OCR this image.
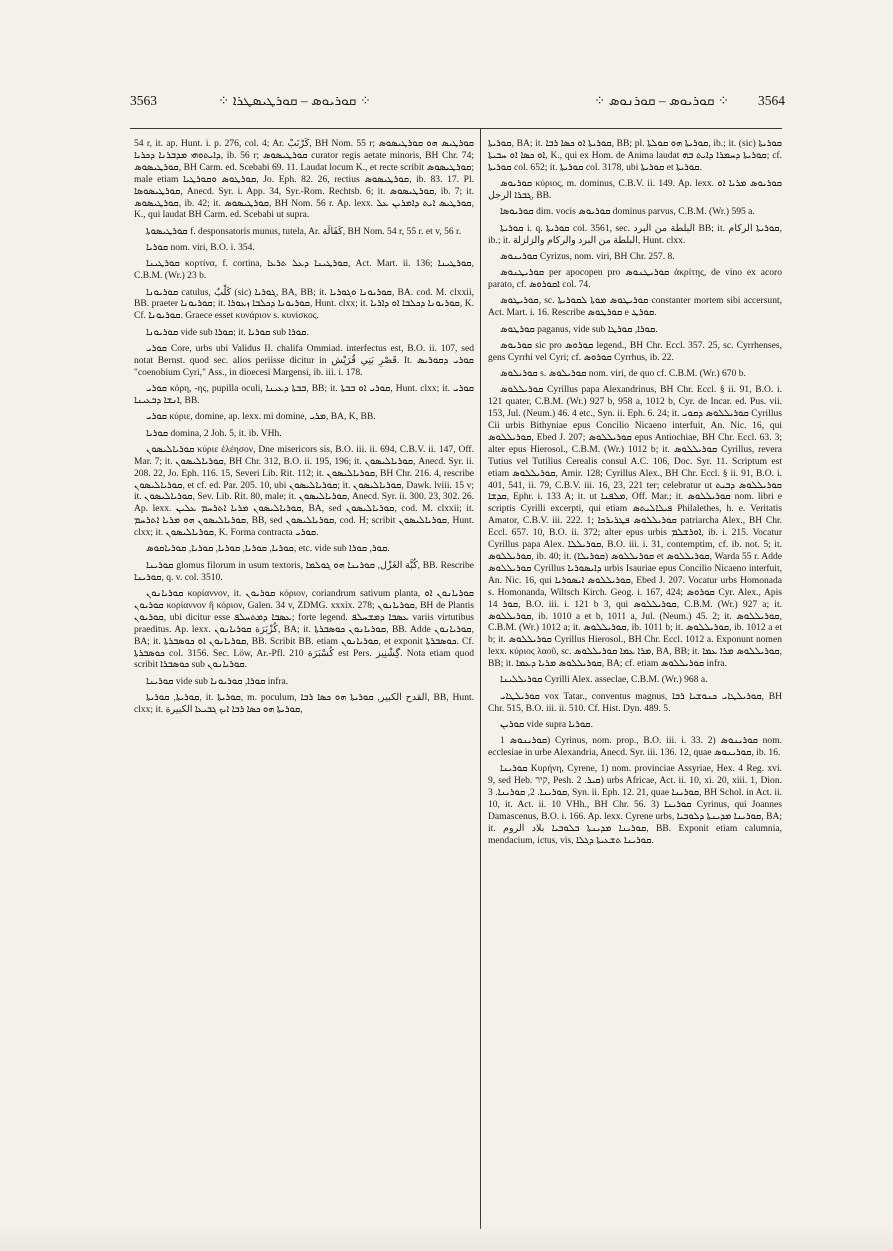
3563	⁘ ܩܘܪܝܘܣ – ܩܘܪܛܝܣܛܪܐ ⁘	⁘ ܩܘܪܝܘܣ – ܩܘܪܢܘܣ ⁘ 3564

54 r, it. ap. Hunt. i. p. 276, col. 4; Ar. كَرْنَبْ, BH Nom. 55 r; ܩܘܪܛܝܣ ܗܘ ܩܘܪܛܝܣܘܣ ܕܐܝܬܘܗܝ ܡܕܒܪܢܐ ܕܟܪܝܐ, ib. 56 r; ܩܘܪܛܝܣܘܣ curator regis aetate minoris, BH Chr. 74; ܩܘܪܛܝܣܘܣ, BH Carm. ed. Scebabi 69. 11. Laudat locum K., et recte scribit ܩܘܪܛܝܣܘܣ; male etiam ܩܘܪܛܘܣ ܘܩܘܪܛܝܐ, Jo. Eph. 82. 26, rectius ܩܘܪܛܝܣܘܣ, ib. 83. 17. Pl. ܩܘܪܛܝܣܘܣܐ, Anecd. Syr. i. App. 34, Syr.-Rom. Rechtsb. 6; it. ܩܘܪܛܝܣܘܣ, ib. 7; it. ܩܘܪܛܝܣܘܣ, ib. 42; it. ܩܘܪܛܝܣܘܣ, BH Nom. 56 r. Ap. lexx. ܩܘܪܛܝܣ ܐܝܬ ܕܐܡܪܝܢ ܥܠ, K., qui laudat BH Carm. ed. Scebabi ut supra.

ܩܘܪܛܝܣܘܬܐ f. desponsatoris munus, tutela, Ar. كَفَالَة, BH Nom. 54 r, 55 r. et v, 56 r.

ܩܘܪܝܐ nom. viri, B.O. i. 354.

ܩܘܪܛܝܢܐ κορτίνα, f. cortina, ܩܘܪܛܝܢܐ ܕܥܠ ܬܪܥܐ, Act. Mart. ii. 136; ܩܘܪܛܝܢܐ, C.B.M. (Wr.) 23 b.

ܩܘܪܝܘܢܐ catulus, كَلْبٌ (sic) ܓܘܪܝܐ, BA, BB; it. ܩܘܪܝܘܢܐ ܘܓܘܪܝܐ, BA. cod. M. clxxii, BB. praeter ܩܘܪܝܘܢܐ; it. ܩܘܪܝܘܢܐ ܕܟܠܒܐ ܙܥܘܪܐ, Hunt. clxx; it. ܩܘܪܝܘܢܐ ܕܟܠܒܐ ܐܘ ܕܐܪܝܐ, K. Cf. ܩܘܪܝܘܢܐ. Graece esset κυνάριον s. κυνίσκος.

ܩܘܪܝܘܢܐ vide sub ܩܘܪܐ; it. ܩܘܪܝܐ sub ܩܘܪܐ.

ܩܘܪܝ Core, urbs ubi Validus II. chalifa Ommiad. interfectus est, B.O. ii. 107, sed notat Bernst. quod sec. alios periisse dicitur in قَصْرِ بَنِي قُرَيْش. It. ܩܘܪܝ ܕܩܘܪܝܣ "coenobium Cyri," Ass., in dioecesi Margensi, ib. iii. i. 178.

ܩܘܪܝ κόρη, -ης, pupilla oculi, ܒܒܬܐ ܕܥܝܢܐ, BB; it. ܩܘܪܝ ܐܘ ܒܒܬܐ, Hunt. clxx; it. ܩܘܪܝ ܐܢܫܐ ܕܒܥܝܢܐ, BB.

ܩܘܪܝ κύριε, domine, ap. lexx. mi domine, ܡܪܝ, BA, K, BB.

ܩܘܪܝܐ domina, 2 Joh. 5, it. ib. VHh.

ܩܘܪܝܐܠܝܣܘܢ κύριε ἐλέησον, Dne misericors sis, B.O. iii. ii. 694, C.B.V. ii. 147, Off. Mar. 7; it. ܩܘܪܝܐܠܝܣܘܢ, BH Chr. 312, B.O. ii. 195, 196; it. ܩܘܪܝܐܠܝܣܘܢ, Anecd. Syr. ii. 208. 22, Jo. Eph. 116. 15, Severi Lib. Rit. 112; it. ܩܘܪܝܐܠܝܣܘܢ, BH Chr. 216. 4, rescribe ܩܘܪܝܐܠܝܣܘܢ, et cf. ed. Par. 205. 10, ubi ܩܘܪܝܐܠܝܣܘܢ; it. ܩܘܪܝܐܠܝܣܘܢ, Dawk. lviii. 15 v; it. ܩܘܪܝܐܠܝܣܘܢ, Sev. Lib. Rit. 80, male; it. ܩܘܪܝܐܠܝܣܘܢ, Anecd. Syr. ii. 300. 23, 302. 26. Ap. lexx. ܩܘܪܝܐܠܝܣܘܢ ܡܪܝܐ ܐܬܪܚܡ ܥܠܝܢ, BA, sed ܩܘܪܝܐܠܝܣܘܢ, cod. M. clxxii; it. ܩܘܪܝܐܠܝܣܘܢ ܗܘ ܡܪܝܐ ܐܬܪܚܡ, BB, sed ܩܘܪܝܐܠܝܣܘܢ, cod. H; scribit ܩܘܪܝܐܠܝܣܘܢ, Hunt. clxx; it. ܩܘܪܝܐܠܝܣܘܢ, K. Forma contracta ܩܘܪܝ.

ܩܘܪܝܐ, ܩܘܪܝܐ, ܩܘܪܝܐ, ܩܘܪܝܐ, ܩܘܪܝܐܩܘܣ, etc. vide sub ܩܘܪ, ܩܘܪܐ.

ܩܘܪܝܢܐ glomus filorum in usum textoris, كُبَّة الغَزْل, ܩܘܪܝܢܐ ܗܘ ܓܘܠܡܐ, BB. Rescribe ܩܘܪܝܢܐ, q. v. col. 3510.

ܩܘܪܝܐܢܘܢ κορίαννον, it. ܩܘܪܝܘܢ κόριον, coriandrum sativum planta, ܩܘܪܝܐܢܘܢ ܐܘ ܩܘܪܝܘܢ κορίαννον ἢ κόριον, Galen. 34 v, ZDMG. xxxix. 278; ܩܘܪܝܐܢܘܢ, BH de Plantis ܩܘܪܝܘܢ, ubi dicitur esse ܥܣܒܐ ܕܡܬܚܠܦ; forte legend. ܥܣܒܐ ܕܡܫܚܠܦ variis virtutibus praeditus. Ap. lexx. كُزْبَرَة ܩܘܪܝܐܢܘܢ, BA; it. ܩܘܪܝܐܢܘܢ ܟܘܣܒܪܬܐ, BB. Adde ܩܘܪܝܐܢܘܢ, BA; it. ܩܘܪܝܐܢܘܢ ܐܘ ܟܘܣܒܪܬܐ, BB. Scribit BB. etiam ܩܘܪܝܐܢܘܢ, et exponit ܟܘܣܒܪܬܐ. Cf. ܟܘܣܒܪܬܐ col. 3156. Sec. Löw, Ar.-Pfl. 210 كُسْبَرَة est Pers. گِشْنِيز. Nota etiam quod scribit ܟܘܣܒܪܐ sub ܩܘܪܝܐܢܘܢ.

ܩܘܪܝܢܐ vide sub ܩܘܪܐ, ܩܘܪܝܘܢܐ infra.

ܩܘܪܝܬܐ, ܩܘܪܝܬܐ, it. ܩܘܪܝܬܐ, m. poculum, القدح الكبير, ܩܘܪܝܬܐ ܗܘ ܟܣܐ ܪܒܐ, BB, Hunt. clxx; it. ܩܘܪܝܬܐ ܗܘ ܟܣܐ ܪܒܐ ܐܝܟ ܓܒܝܥܐ الكبيرة,

ܩܘܪܝܬܐ, BA; it. ܩܘܪܝܬܐ ܐܘ ܟܣܐ ܪܒܐ, BB; pl. ܩܘܪܝܬܐ ܗܘ ܩܘܠܬܐ, ib.; it. (sic) ܩܘܪܝܬܐ ܐܘ ܟܣܐ ܐܘ ܚܒܝܬܐ, K., qui ex Hom. de Anima laudat ܩܘܪܝܬܐ ܕܚܡܪܐ ܕܐܝܬ ܒܗ; cf. ܩܘܪܝܬܐ col. 652; it. ܩܘܪܝܬܐ col. 3178, ubi ܩܘܪܝܬܐ et ܩܘܪܝܬܐ.

ܩܘܪܝܘܣ κύριος, m. dominus, C.B.V. ii. 149. Ap. lexx. ܩܘܪܝܘܣ ܡܪܝܐ ܐܘ ܓܒܪܐ الرجل, BB.

ܩܘܪܝܘܣܐ dim. vocis ܩܘܪܝܘܣ dominus parvus, C.B.M. (Wr.) 595 a.

ܩܘܪܝܬܐ i. q. ܩܘܪܝܬܐ col. 3561, sec. البلطة من البرد BB; it. ܩܘܪܝܬܐ الركام, ib.; it. البلطة من البرد والركام والزلزلة, Hunt. clxx.

ܩܘܪܝܢܘܣ Cyrizus, nom. viri, BH Chr. 257. 8.

ܩܘܪܝܛܢܘܣ per apocopen pro ܩܘܪܝܛܢܘܣ ἀκρίτης, de vino ex acoro parato, cf. ܐܩܘܪܘܣ col. 74.

ܩܘܪܝܛܘܣ, sc. ܩܘܪܝܛܘܣ ܡܘܬܐ ܠܩܘܪܝܬܐ constanter mortem sibi accersunt, Act. Mart. i. 16. Rescribe ܩܘܪܛܘܣ e ܩܘܪܛ.

ܩܘܪܛܘܣ paganus, vide sub ܩܘܪܐ, ܩܘܪܛܐ.

ܩܘܪܝܘܣ sic pro ܩܘܪܘܣ legend., BH Chr. Eccl. 357. 25, sc. Cyrrhenses, gens Cyrrhi vel Cyri; cf. ܩܘܪܘܣ Cyrrhus, ib. 22.

ܩܘܪܝܠܘܣ s. ܩܘܪܝܠܘܣ nom. viri, de quo cf. C.B.M. (Wr.) 670 b.

ܩܘܪܝܠܠܘܣ Cyrillus papa Alexandrinus, BH Chr. Eccl. § ii. 91, B.O. i. 121 quater, C.B.M. (Wr.) 927 b, 958 a, 1012 b, Cyr. de Incar. ed. Pus. vii. 153, Jul. (Neum.) 46. 4 etc., Syn. ii. Eph. 6. 24; it. ܩܘܪܝܠܠܘܣ ܕܩܘܝ Cyrillus Cii urbis Bithyniae epus Concilio Nicaeno interfuit, An. Nic. 16, qui ܩܘܪܝܠܠܘܣ, Ebed J. 207; ܩܘܪܝܠܠܘܣ epus Antiochiae, BH Chr. Eccl. 63. 3; alter epus Hierosol., C.B.M. (Wr.) 1012 b; it. ܩܘܪܝܠܠܘܣ Cyrillus, revera Tutius vel Tutilius Cerealis consul A.C. 106, Doc. Syr. 11. Scriptum est etiam ܩܘܪܝܠܠܘܣ, Amir. 128; Cyrillus Alex., BH Chr. Eccl. § ii. 91, B.O. i. 401, 541, ii. 79, C.B.V. iii. 16, 23, 221 ter; celebratur ut ܩܘܪܝܠܠܘܣ ܕܒܝܬ ܩܕܫܐ, Ephr. i. 133 A; it. ut ܡܠܦܢܐ, Off. Mar.; it. ܩܘܪܝܠܠܘܣ nom. libri e scriptis Cyrilli excerpti, qui etiam ܦܝܠܐܠܝܬܣ Philalethes, h. e. Veritatis Amator, C.B.V. iii. 222. 1; ܩܘܪܝܠܠܘܣ ܦܛܪܝܪܟܐ patriarcha Alex., BH Chr. Eccl. 657. 10, B.O. ii. 372; alter epus urbis ܐܘܪܫܠܡ, ib. i. 215. Vocatur Cyrillus papa Alex. ܩܘܪܝܠܠܐ, B.O. iii. i. 31, contemptim, cf. ib. not. 5; it. ܩܘܪܝܠܠܘܣ, ib. 40; it. ܩܘܪܝܠܠܘܣ (ܩܘܪܝܠܐ) et ܩܘܪܝܠܠܘܣ, Warda 55 r. Adde ܩܘܪܝܠܠܘܣ Cyrillus ܕܐܝܣܘܪܝܐ urbis Isauriae epus Concilio Nicaeno interfuit, An. Nic. 16, qui ܩܘܪܝܠܠܘܣ ܐܝܣܘܪܝܐ, Ebed J. 207. Vocatur urbs Homonada s. Homonanda, Wiltsch Kirch. Geog. i. 167, 424; ܩܘܪܘܣ Cyr. Alex., Apis ܩܘܪ 14, B.O. iii. i. 121 b 3, qui ܩܘܪܝܠܠܘܣ, C.B.M. (Wr.) 927 a; it. ܩܘܪܝܠܠܘܣ, ib. 1010 a et b, 1011 a, Jul. (Neum.) 45. 2; it. ܩܘܪܝܠܠܘܣ, C.B.M. (Wr.) 1012 a; it. ܩܘܪܝܠܠܘܣ, ib. 1011 b; it. ܩܘܪܝܠܠܘܣ, ib. 1012 a et b; it. ܩܘܪܝܠܠܘܣ Cyrillus Hierosol., BH Chr. Eccl. 1012 a. Exponunt nomen lexx. κύριος λαοῦ, sc. ܡܪܐ ܥܡܐ ܩܘܪܝܠܠܘܣ, BA, BB; it. ܩܘܪܝܠܠܘܣ ܡܪܐ ܥܡܐ, BB; it. ܩܘܪܝܠܠܘܣ ܡܪܝܐ ܕܥܡܐ, BA; cf. etiam ܩܘܪܝܠܠܘܣ infra.

ܩܘܪܝܠܠܝܢܐ Cyrilli Alex. asseclae, C.B.M. (Wr.) 968 a.

ܩܘܪܝܠܛܐܝ vox Tatar., conventus magnus, ܩܘܪܝܠܛܐܝ ܟܢܘܫܝܐ ܪܒܐ, BH Chr. 515, B.O. iii. ii. 510. Cf. Hist. Dyn. 489. 5.

ܩܘܪܝܢ vide supra ܩܘܪܝܐ.

ܩܘܪܝܢܘܣ 1) Cyrinus, nom. prop., B.O. iii. i. 33. 2) ܩܘܪܝܢܘܣ nom. ecclesiae in urbe Alexandria, Anecd. Syr. iii. 136. 12, quae ܩܘܪܝܢܘܣ, ib. 16.

ܩܘܪܝܢܐ Κυρήνη, Cyrene, 1) nom. provinciae Assyriae, Hex. 4 Reg. xvi. 9, sed Heb. קיר, Pesh. ܩܝܪ. 2) urbs Africae, Act. ii. 10, xi. 20, xiii. 1, Dion. ܩܘܪܝܢܐ. 2, ܩܘܪܝܢܐ. 3, Syn. ii. Eph. 12. 21, quae ܩܘܪܝܢܐ, BH Schol. in Act. ii. 10, it. Act. ii. 10 VHh., BH Chr. 56. 3) ܩܘܪܝܢܐ Cyrinus, qui Joannes Damascenus, B.O. i. 166. Ap. lexx. Cyrene urbs, ܩܘܪܝܢܐ ܡܕܝܢܬܐ ܕܠܘܒܝܐ, BA; it. ܩܘܪܝܢܐ ܡܕܝܢܬܐ ܒܠܘܒܝܐ بلاد الروم, BB. Exponit etiam calumnia, mendacium, ictus, vis, ܩܘܪܝܢܐ ܬܫܥܝܬܐ ܕܓܠܐ.
